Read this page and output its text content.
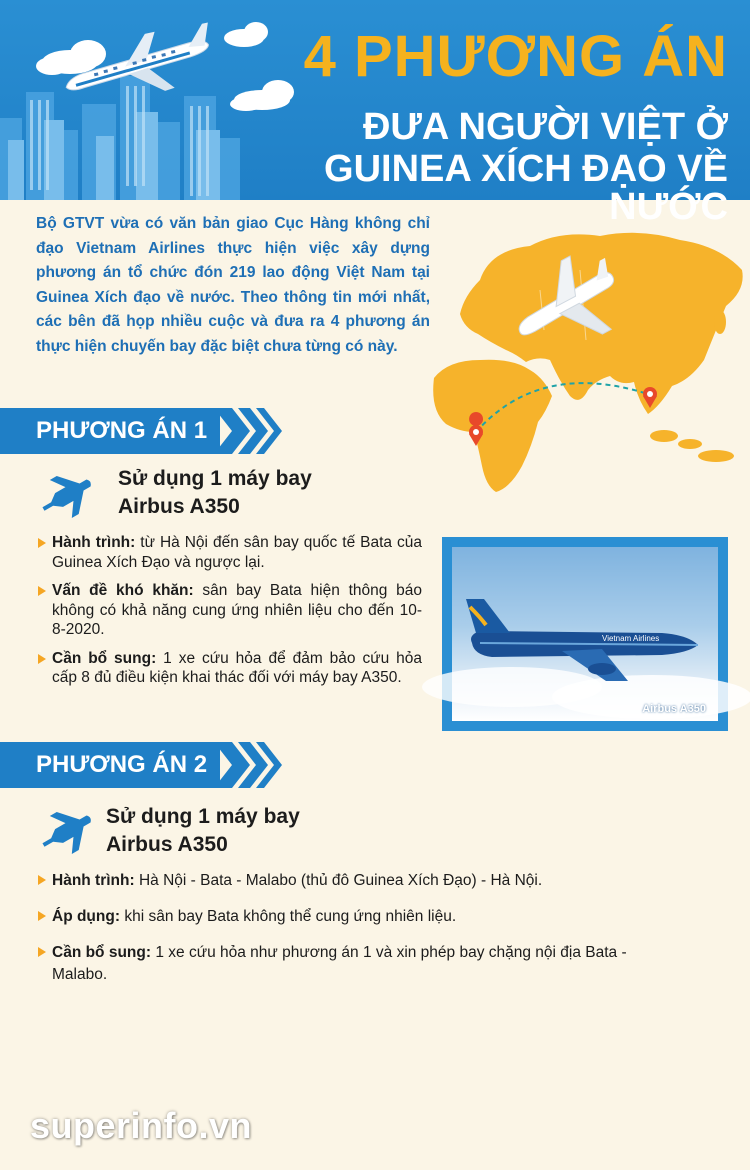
4 PHƯƠNG ÁN
ĐƯA NGƯỜI VIỆT Ở
GUINEA XÍCH ĐẠO VỀ NƯỚC
Bộ GTVT vừa có văn bản giao Cục Hàng không chỉ đạo Vietnam Airlines thực hiện việc xây dựng phương án tổ chức đón 219 lao động Việt Nam tại Guinea Xích đạo về nước. Theo thông tin mới nhất, các bên đã họp nhiều cuộc và đưa ra 4 phương án thực hiện chuyến bay đặc biệt chưa từng có này.
PHƯƠNG ÁN 1
Sử dụng 1 máy bay
Airbus A350
Hành trình: từ Hà Nội đến sân bay quốc tế Bata của Guinea Xích Đạo và ngược lại.
Vấn đề khó khăn: sân bay Bata hiện thông báo không có khả năng cung ứng nhiên liệu cho đến 10-8-2020.
Cần bổ sung: 1 xe cứu hỏa để đảm bảo cứu hỏa cấp 8 đủ điều kiện khai thác đối với máy bay A350.
Vietnam Airlines
Airbus A350
PHƯƠNG ÁN 2
Sử dụng 1 máy bay
Airbus A350
Hành trình: Hà Nội - Bata - Malabo (thủ đô Guinea Xích Đạo) - Hà Nội.
Áp dụng: khi sân bay Bata không thể cung ứng nhiên liệu.
Cần bổ sung: 1 xe cứu hỏa như phương án 1 và xin phép bay chặng nội địa Bata - Malabo.
superinfo.vn
